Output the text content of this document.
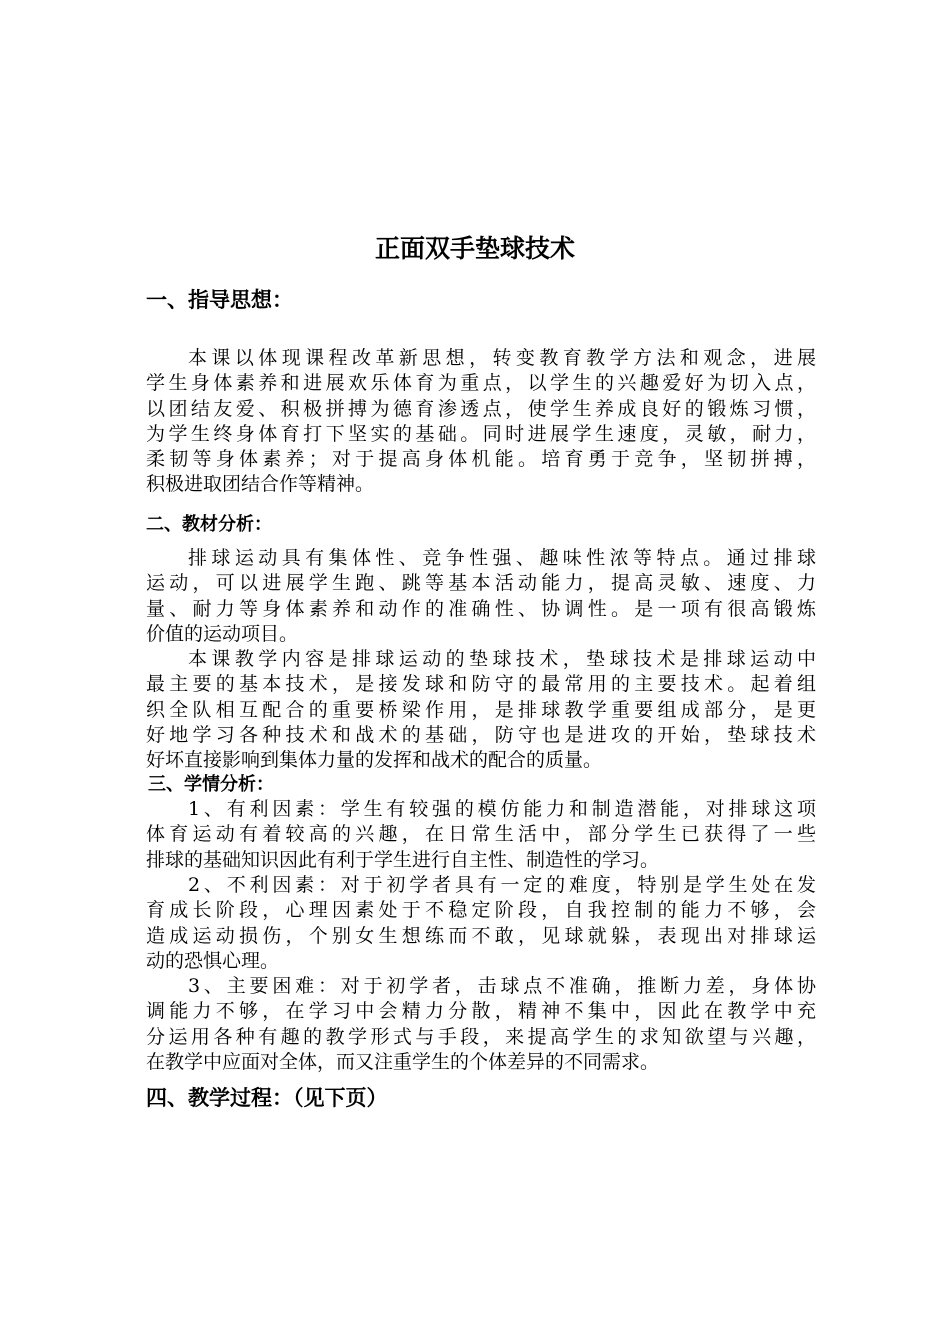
正面双手垫球技术
一、指导思想：
本课以体现课程改革新思想，转变教育教学方法和观念，进展
学生身体素养和进展欢乐体育为重点，以学生的兴趣爱好为切入点，
以团结友爱、积极拼搏为德育渗透点，使学生养成良好的锻炼习惯，
为学生终身体育打下坚实的基础。同时进展学生速度，灵敏，耐力，
柔韧等身体素养；对于提高身体机能。培育勇于竞争，坚韧拼搏，
积极进取团结合作等精神。
二、教材分析：
排球运动具有集体性、竞争性强、趣味性浓等特点。通过排球
运动，可以进展学生跑、跳等基本活动能力，提高灵敏、速度、力
量、耐力等身体素养和动作的准确性、协调性。是一项有很高锻炼
价值的运动项目。
本课教学内容是排球运动的垫球技术，垫球技术是排球运动中
最主要的基本技术，是接发球和防守的最常用的主要技术。起着组
织全队相互配合的重要桥梁作用，是排球教学重要组成部分，是更
好地学习各种技术和战术的基础，防守也是进攻的开始，垫球技术
好坏直接影响到集体力量的发挥和战术的配合的质量。
三、学情分析：
1、有利因素：学生有较强的模仿能力和制造潜能，对排球这项
体育运动有着较高的兴趣，在日常生活中，部分学生已获得了一些
排球的基础知识因此有利于学生进行自主性、制造性的学习。
2、不利因素：对于初学者具有一定的难度，特别是学生处在发
育成长阶段，心理因素处于不稳定阶段，自我控制的能力不够，会
造成运动损伤，个别女生想练而不敢，见球就躲，表现出对排球运
动的恐惧心理。
3、主要困难：对于初学者，击球点不准确，推断力差，身体协
调能力不够，在学习中会精力分散，精神不集中，因此在教学中充
分运用各种有趣的教学形式与手段，来提高学生的求知欲望与兴趣，
在教学中应面对全体，而又注重学生的个体差异的不同需求。
四、教学过程：（见下页）
